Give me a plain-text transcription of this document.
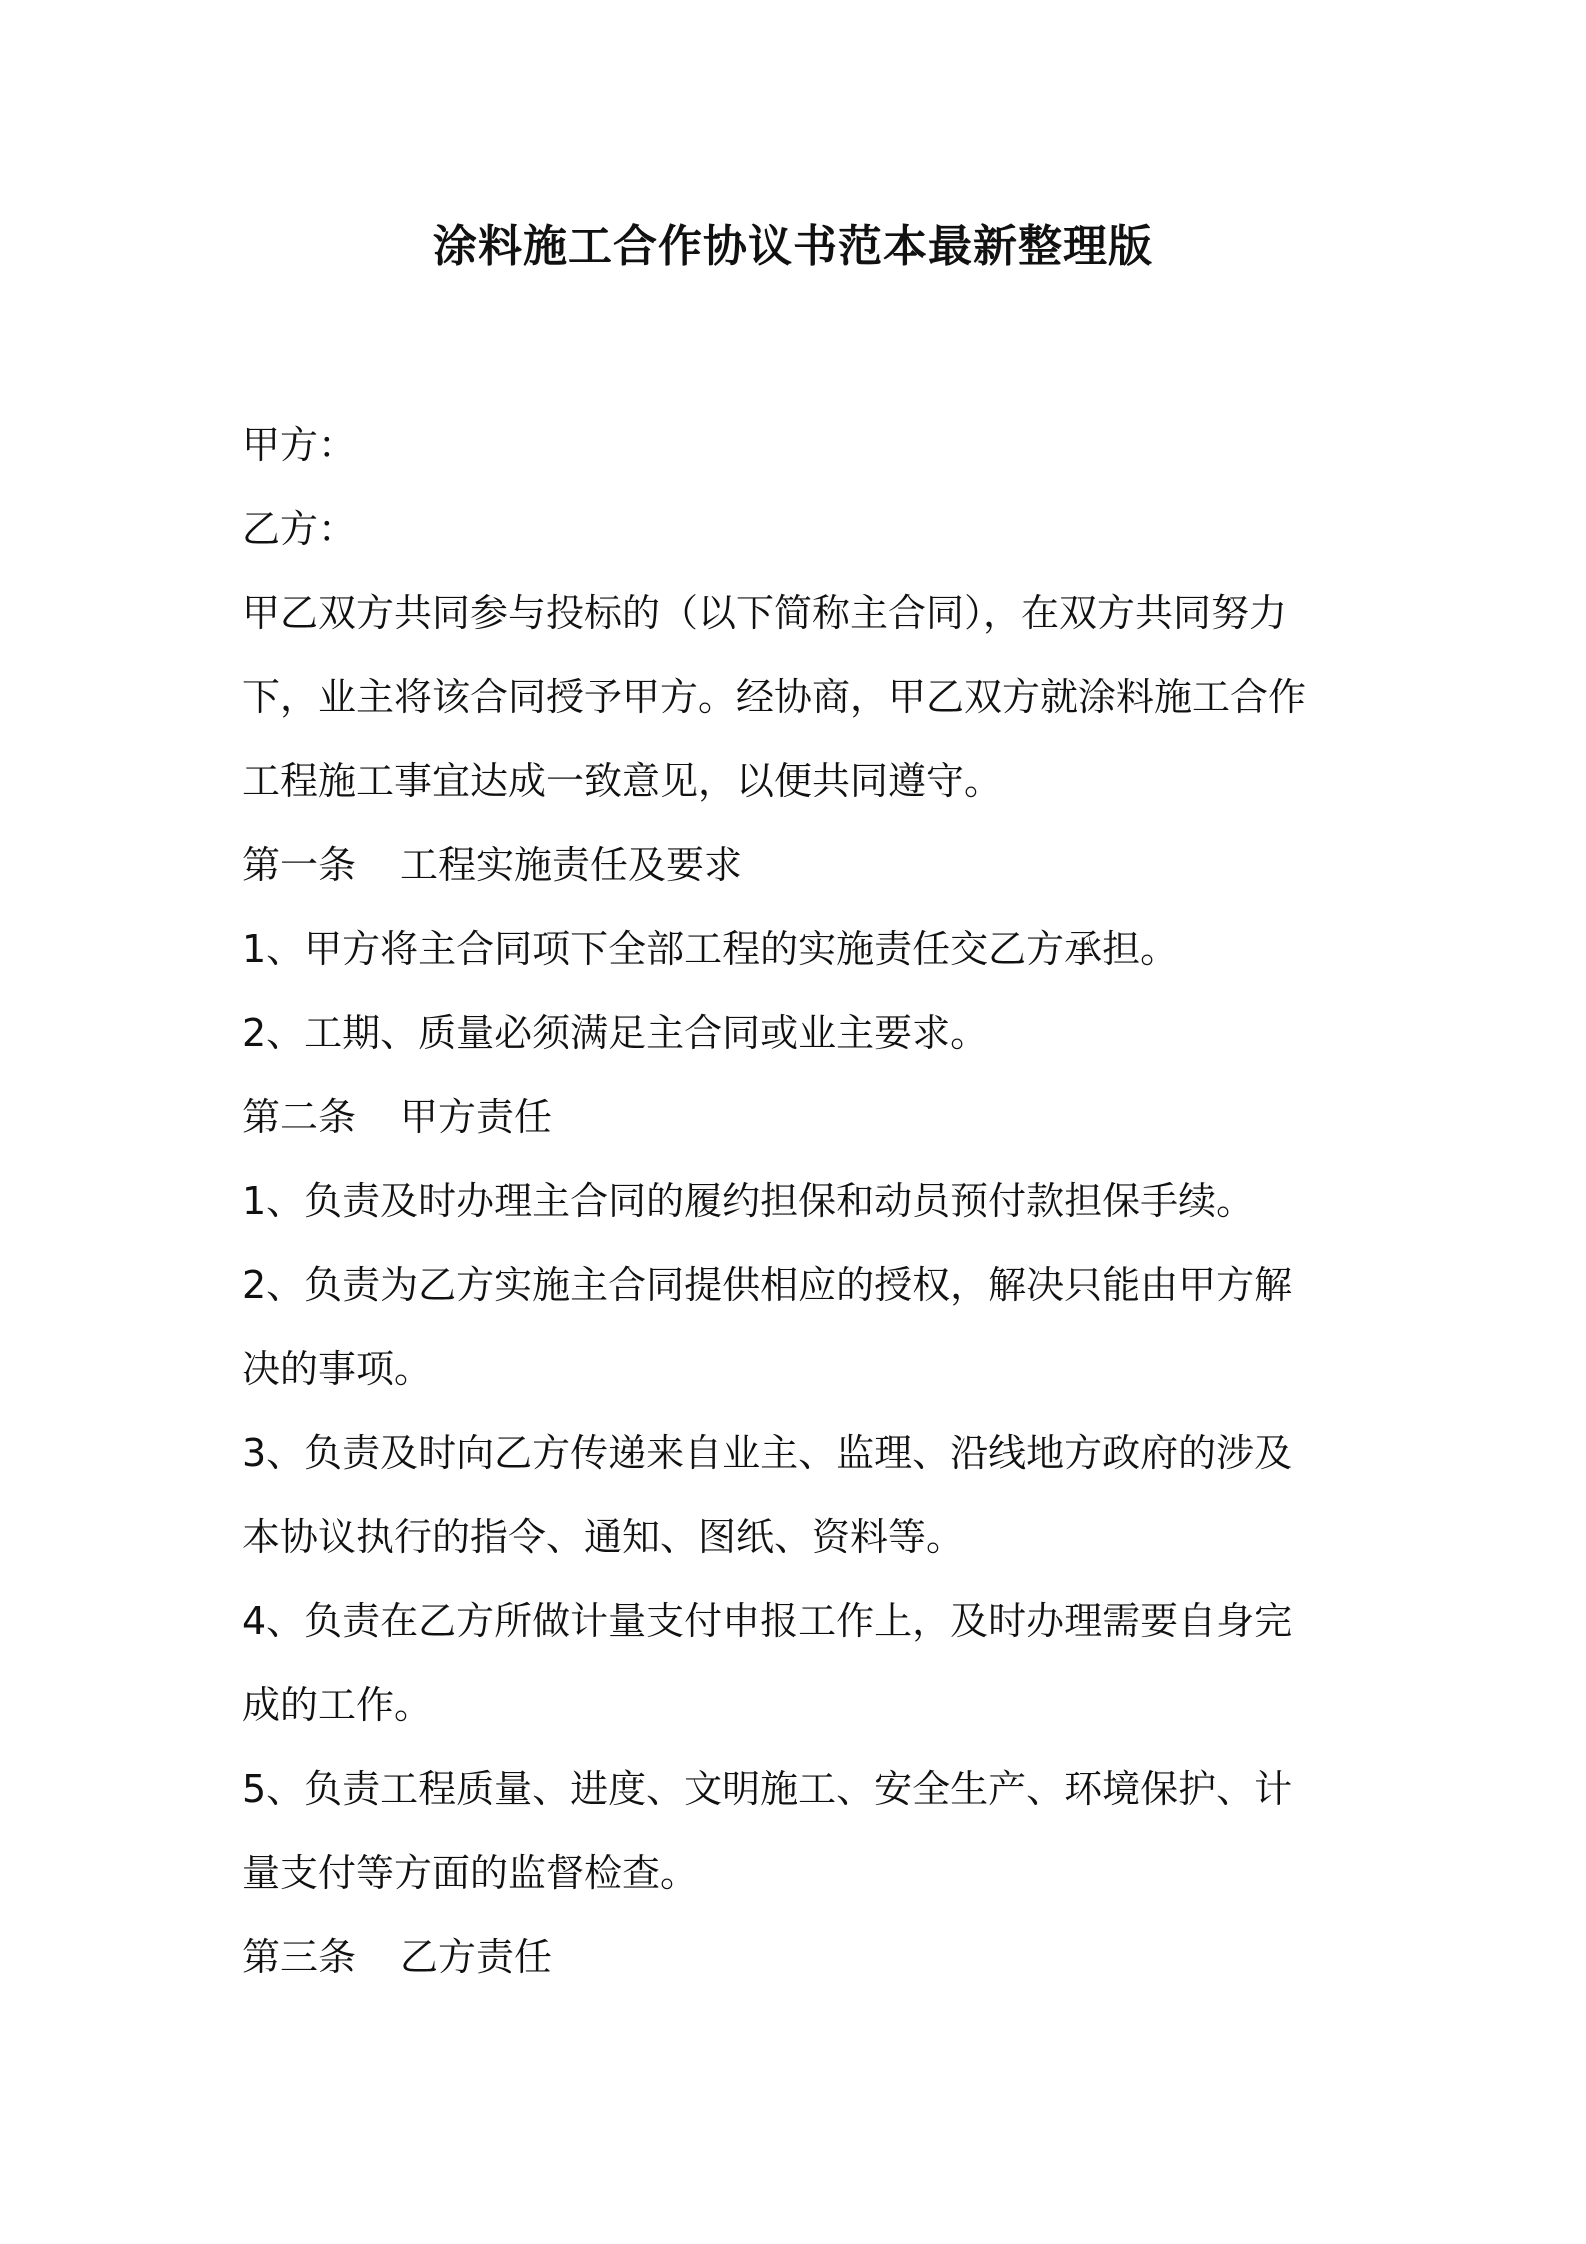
涂料施工合作协议书范本最新整理版
甲方：
乙方：
甲乙双方共同参与投标的（以下简称主合同），在双方共同努力
下，业主将该合同授予甲方。经协商，甲乙双方就涂料施工合作
工程施工事宜达成一致意见，以便共同遵守。
第一条 工程实施责任及要求
1、甲方将主合同项下全部工程的实施责任交乙方承担。
2、工期、质量必须满足主合同或业主要求。
第二条 甲方责任
1、负责及时办理主合同的履约担保和动员预付款担保手续。
2、负责为乙方实施主合同提供相应的授权，解决只能由甲方解
决的事项。
3、负责及时向乙方传递来自业主、监理、沿线地方政府的涉及
本协议执行的指令、通知、图纸、资料等。
4、负责在乙方所做计量支付申报工作上，及时办理需要自身完
成的工作。
5、负责工程质量、进度、文明施工、安全生产、环境保护、计
量支付等方面的监督检查。
第三条 乙方责任
